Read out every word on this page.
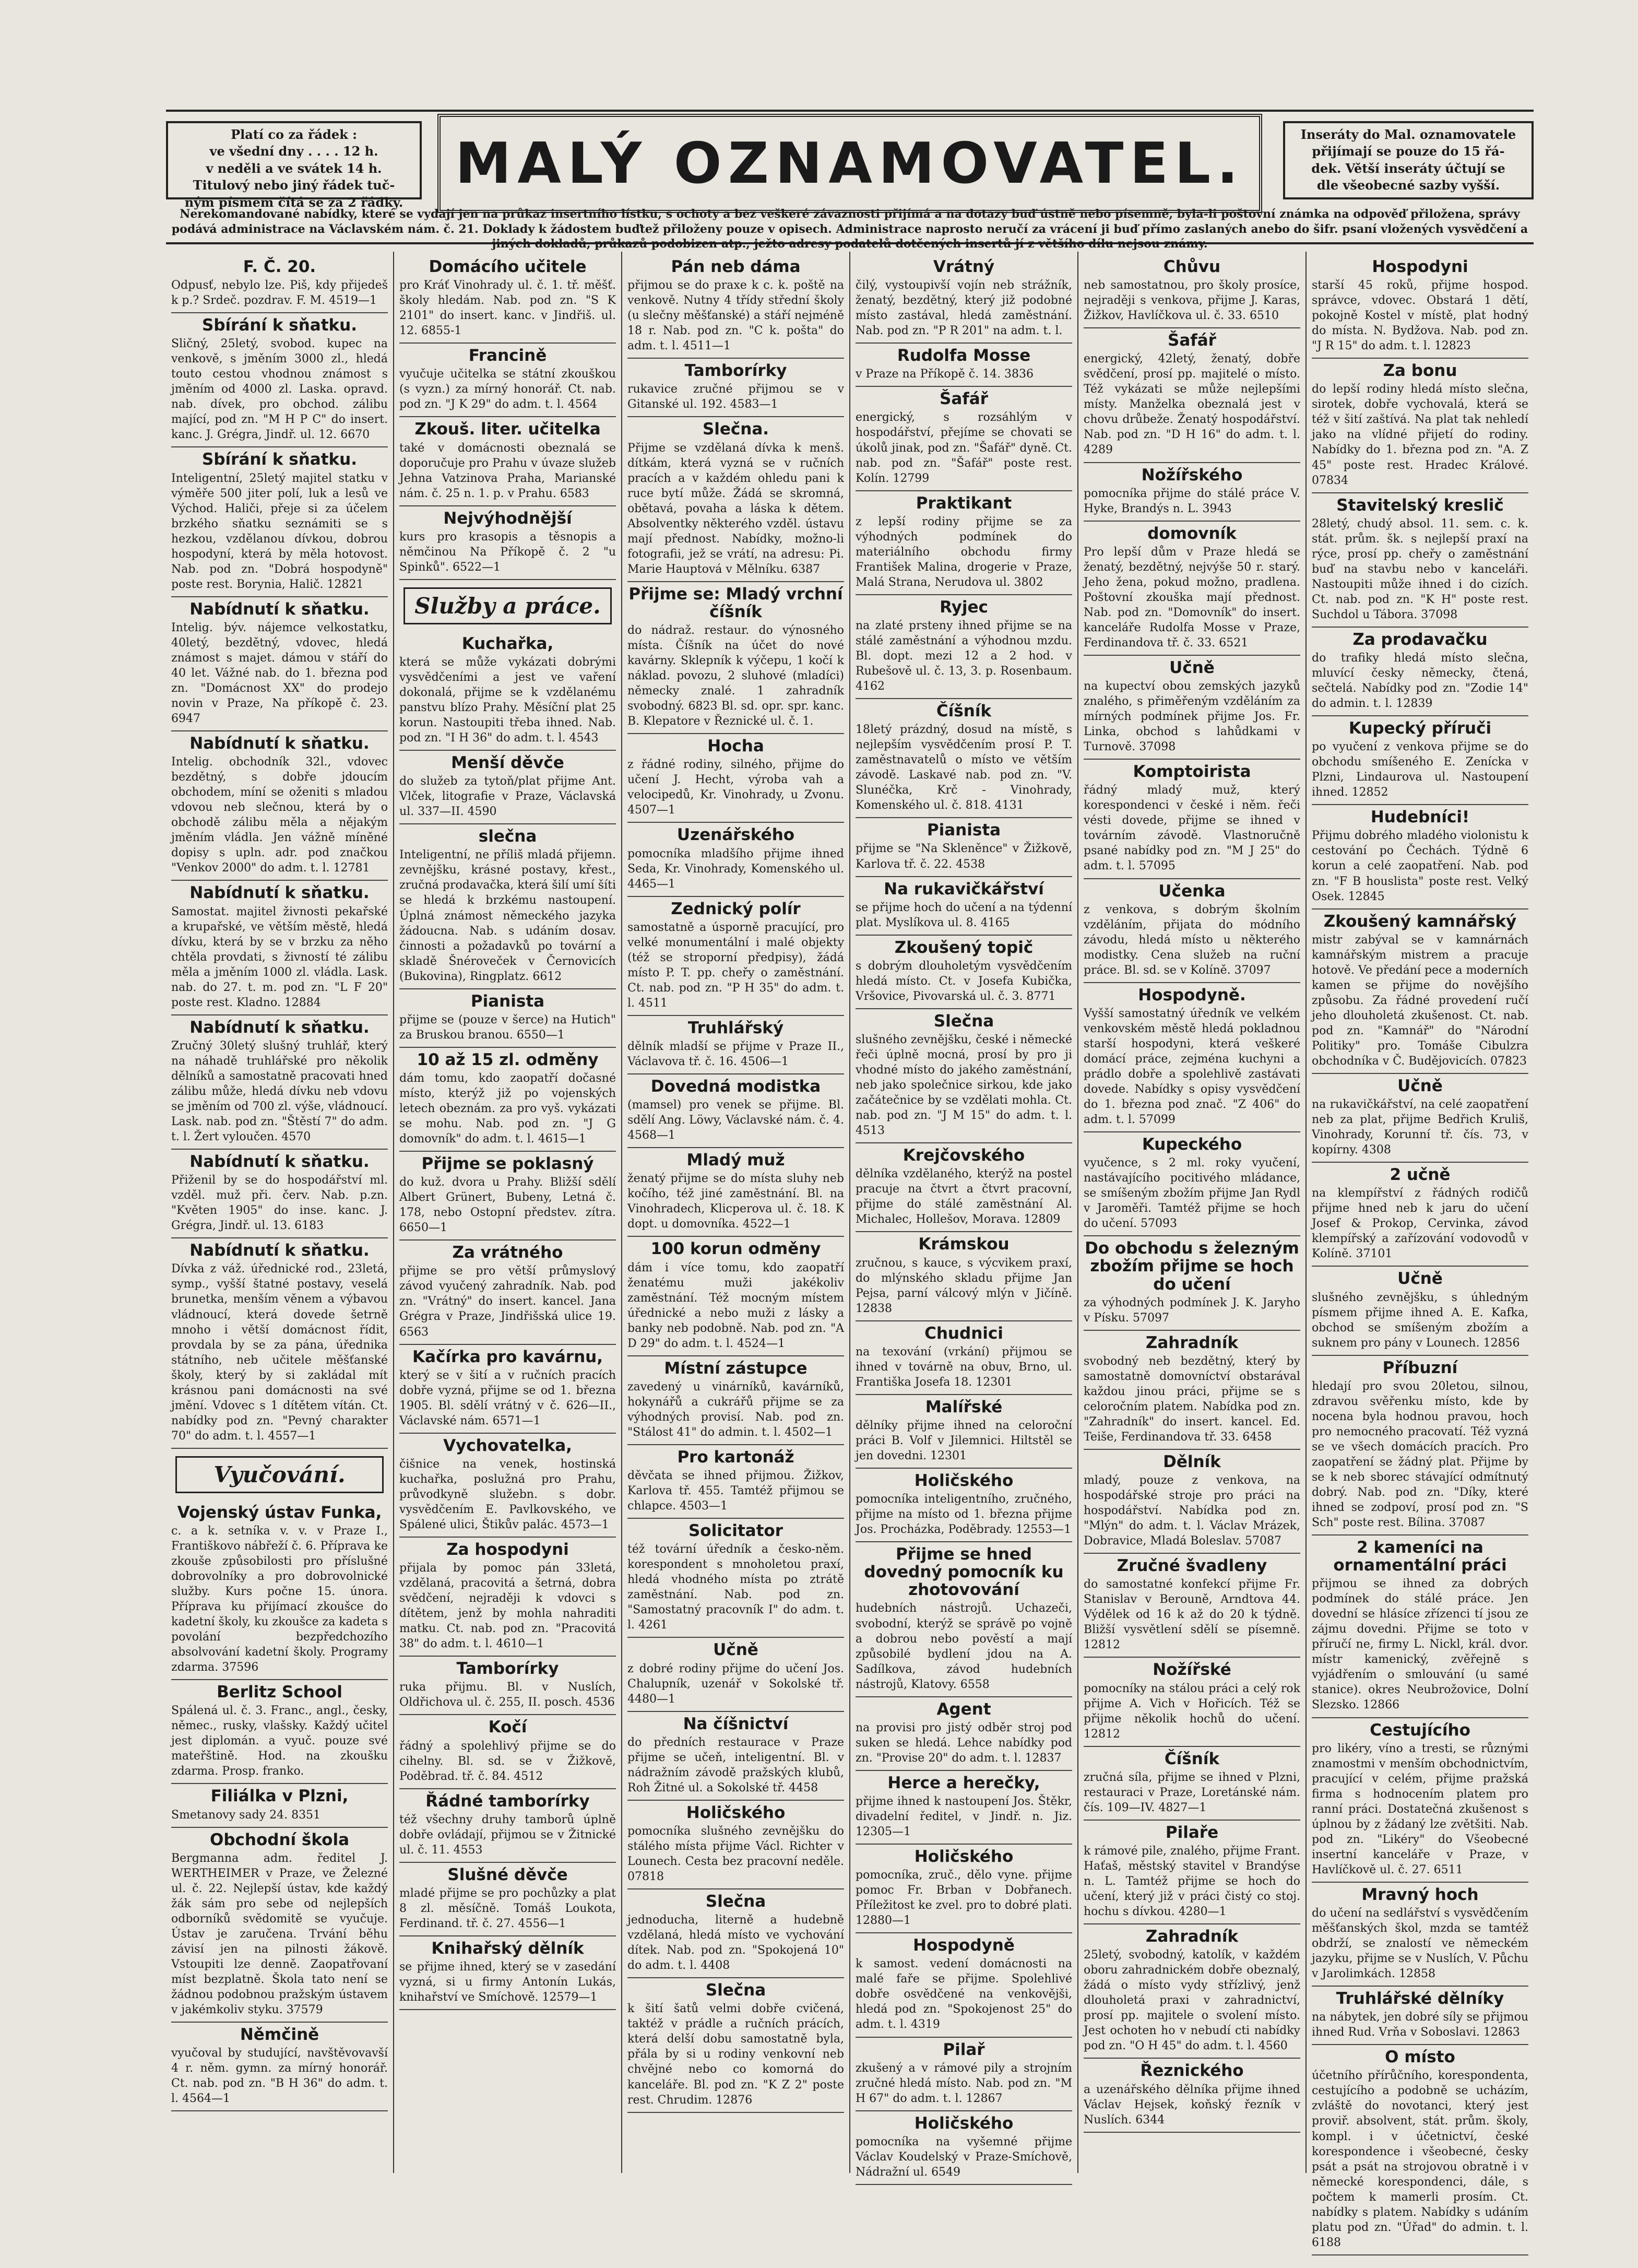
Platí co za řádek :
ve všední dny . . . . 12 h.
v neděli a ve svátek 14 h.
Titulový nebo jiný řádek tuč-
ným písmem čítá se za 2 řádky.
MALÝ OZNAMOVATEL.	Inseráty do Mal. oznamovatele
přijímají se pouze do 15 řá-
dek. Větší inseráty účtují se
dle všeobecné sazby vyšší.
Nerekomandované nabídky, které se vydají jen na průkaz insertního lístku, s ochoty a bez veškeré závaznosti přijímá a na dotazy buď ústně nebo písemně, byla-li poštovní známka na odpověď přiložena, správy podává administrace na Václavském nám. č. 21. Doklady k žádostem buďtež přiloženy pouze v opisech. Administrace naprosto neručí za vrácení ji buď přímo zaslaných anebo do šifr. psaní vložených vysvědčení a jiných dokladů, průkazů podobizen atp., ježto adresy podatelů dotčených insertů jí z většího dílu nejsou známy.
F. Č. 20.

Odpusť, nebylo lze. Piš, kdy přijedeš k p.? Srdeč. pozdrav. F. M. 4519—1

Sbírání k sňatku.

Sličný, 25letý, svobod. kupec na venkově, s jměním 3000 zl., hledá touto cestou vhodnou známost s jměním od 4000 zl. Laska. opravd. nab. dívek, pro obchod. zálibu mající, pod zn. "M H P C" do insert. kanc. J. Grégra, Jindř. ul. 12. 6670

Sbírání k sňatku.

Inteligentní, 25letý majitel statku v výměře 500 jiter polí, luk a lesů ve Východ. Haliči, přeje si za účelem brzkého sňatku seznámiti se s hezkou, vzdělanou dívkou, dobrou hospodyní, která by měla hotovost. Nab. pod zn. "Dobrá hospodyně" poste rest. Borynia, Halič. 12821

Nabídnutí k sňatku.

Intelig. býv. nájemce velkostatku, 40letý, bezdětný, vdovec, hledá známost s majet. dámou v stáří do 40 let. Vážné nab. do 1. března pod zn. "Domácnost XX" do prodejo novin v Praze, Na příkopě č. 23. 6947

Nabídnutí k sňatku.

Intelig. obchodník 32l., vdovec bezdětný, s dobře jdoucím obchodem, míní se oženiti s mladou vdovou neb slečnou, která by o obchodě zálibu měla a nějakým jměním vládla. Jen vážně míněné dopisy s upln. adr. pod značkou "Venkov 2000" do adm. t. l. 12781

Nabídnutí k sňatku.

Samostat. majitel živnosti pekařské a krupařské, ve větším městě, hledá dívku, která by se v brzku za něho chtěla provdati, s živností té zálibu měla a jměním 1000 zl. vládla. Lask. nab. do 27. t. m. pod zn. "L F 20" poste rest. Kladno. 12884

Nabídnutí k sňatku.

Zručný 30letý slušný truhlář, který na náhadě truhlářské pro několik dělníků a samostatně pracovati hned zálibu může, hledá dívku neb vdovu se jměním od 700 zl. výše, vládnoucí. Lask. nab. pod zn. "Štěstí 7" do adm. t. l. Žert vyloučen. 4570

Nabídnutí k sňatku.

Přiženil by se do hospodářství ml. vzděl. muž při. červ. Nab. p.zn. "Květen 1905" do inse. kanc. J. Grégra, Jindř. ul. 13. 6183

Nabídnutí k sňatku.

Dívka z váž. úřednické rod., 23letá, symp., vyšší štatné postavy, veselá brunetka, menším věnem a výbavou vládnoucí, která dovede šetrně mnoho i větší domácnost řídit, provdala by se za pána, úřednika státního, neb učitele měšťanské školy, který by si zakládal mít krásnou pani domácnosti na své jmění. Vdovec s 1 dítětem vítán. Ct. nabídky pod zn. "Pevný charakter 70" do adm. t. l. 4557—1

Vyučování.
Vojenský ústav Funka,

c. a k. setníka v. v. v Praze I., Františkovo nábřeží č. 6. Příprava ke zkouše způsobilosti pro příslušné dobrovolníky a pro dobrovolnické služby. Kurs počne 15. února. Příprava ku přijímací zkoušce do kadetní školy, ku zkoušce za kadeta s povolání bezpředchozího absolvování kadetní školy. Programy zdarma. 37596

Berlitz School

Spálená ul. č. 3. Franc., angl., česky, němec., rusky, vlašsky. Každý učitel jest diplomán. a vyuč. pouze své mateřštině. Hod. na zkoušku zdarma. Prosp. franko.

Filiálka v Plzni,

Smetanovy sady 24. 8351

Obchodní škola

Bergmanna adm. ředitel J. WERTHEIMER v Praze, ve Železné ul. č. 22. Nejlepší ústav, kde každý žák sám pro sebe od nejlepších odborníků svědomitě se vyučuje. Ústav je zaručena. Trvání běhu závisí jen na pilnosti žákově. Vstoupiti lze denně. Zaopatřovaní míst bezplatně. Škola tato není se žádnou podobnou pražským ústavem v jakémkoliv styku. 37579

Němčině

vyučoval by studující, navštěvovavší 4 r. něm. gymn. za mírný honorář. Ct. nab. pod zn. "B H 36" do adm. t. l. 4564—1

Domácího učitele

pro Kráť Vinohrady ul. č. 1. tř. měšť. školy hledám. Nab. pod zn. "S K 2101" do insert. kanc. v Jindřiš. ul. 12. 6855-1

Francině

vyučuje učitelka se státní zkouškou (s vyzn.) za mírný honorář. Ct. nab. pod zn. "J K 29" do adm. t. l. 4564

Zkouš. liter. učitelka

také v domácnosti obeznalá se doporučuje pro Prahu v úvaze služeb Jehna Vatzinova Praha, Marianské nám. č. 25 n. 1. p. v Prahu. 6583

Nejvýhodnější

kurs pro krasopis a těsnopis a němčinou Na Příkopě č. 2 "u Spinků". 6522—1

Služby a práce.
Kuchařka,

která se může vykázati dobrými vysvědčeními a jest ve vaření dokonalá, přijme se k vzdělanému panstvu blízo Prahy. Měsíční plat 25 korun. Nastoupiti třeba ihned. Nab. pod zn. "I H 36" do adm. t. l. 4543

Menší děvče

do služeb za tytoň/plat přijme Ant. Vlček, litografie v Praze, Václavská ul. 337—II. 4590

slečna

Inteligentní, ne příliš mladá přijemn. zevnějšku, krásné postavy, křest., zručná prodavačka, která šilí umí šíti se hledá k brzkému nastoupení. Úplná známost německého jazyka žádoucna. Nab. s udáním dosav. činnosti a požadavků po tovární a skladě Šnéroveček v Černovicích (Bukovina), Ringplatz. 6612

Pianista

přijme se (pouze v šerce) na Hutich" za Bruskou branou. 6550—1

10 až 15 zl. odměny

dám tomu, kdo zaopatří dočasné místo, kterýž již po vojenských letech obeznám. za pro vyš. vykázati se mohu. Nab. pod zn. "J G domovník" do adm. t. l. 4615—1

Přijme se poklasný

do kuž. dvora u Prahy. Bližší sdělí Albert Grünert, Bubeny, Letná č. 178, nebo Ostopní předstev. zítra. 6650—1

Za vrátného

přijme se pro větší průmyslový závod vyučený zahradník. Nab. pod zn. "Vrátný" do insert. kancel. Jana Grégra v Praze, Jindřišská ulice 19. 6563

Kačírka pro kavárnu,

který se v šití a v ručních pracích dobře vyzná, přijme se od 1. března 1905. Bl. sdělí vrátný v č. 626—II., Václavské nám. 6571—1

Vychovatelka,

čišnice na venek, hostinská kuchařka, poslužná pro Prahu, průvodkyně služebn. s dobr. vysvědčením E. Pavlkovského, ve Spálené ulici, Štikův palác. 4573—1

Za hospodyni

přijala by pomoc pán 33letá, vzdělaná, pracovitá a šetrná, dobra svědčení, nejraději k vdovci s dítětem, jenž by mohla nahraditi matku. Ct. nab. pod zn. "Pracovitá 38" do adm. t. l. 4610—1

Tamborírky

ruka přijmu. Bl. v Nuslích, Oldřichova ul. č. 255, II. posch. 4536

Kočí

řádný a spolehlivý přijme se do cihelny. Bl. sd. se v Žižkově, Poděbrad. tř. č. 84. 4512

Řádné tamborírky

též všechny druhy tamborů úplně dobře ovládají, přijmou se v Žitnické ul. č. 11. 4553

Slušné děvče

mladé přijme se pro pochůzky a plat 8 zl. měsíčně. Tomáš Loukota, Ferdinand. tř. č. 27. 4556—1

Knihařský dělník

se přijme ihned, který se v zasedání vyzná, si u firmy Antonín Lukás, knihařství ve Smíchově. 12579—1

Pán neb dáma

přijmou se do praxe k c. k. poště na venkově. Nutny 4 třídy střední školy (u slečny měšťanské) a stáří nejméně 18 r. Nab. pod zn. "C k. pošta" do adm. t. l. 4511—1

Tamborírky

rukavice zručné přijmou se v Gitanské ul. 192. 4583—1

Slečna.

Přijme se vzdělaná dívka k menš. dítkám, která vyzná se v ručních pracích a v každém ohledu pani k ruce bytí může. Žádá se skromná, obětavá, povaha a láska k dětem. Absolventky některého vzděl. ústavu mají přednost. Nabídky, možno-li fotografii, jež se vrátí, na adresu: Pi. Marie Hauptová v Mělníku. 6387

Přijme se: Mladý vrchní číšník

do nádraž. restaur. do výnosného místa. Číšník na účet do nové kavárny. Sklepník k výčepu, 1 kočí k náklad. povozu, 2 sluhové (mladíci) německy znalé. 1 zahradník svobodný. 6823 Bl. sd. opr. spr. kanc. B. Klepatore v Řeznické ul. č. 1.

Hocha

z řádné rodiny, silného, přijme do učení J. Hecht, výroba vah a velocipedů, Kr. Vinohrady, u Zvonu. 4507—1

Uzenářského

pomocníka mladšího přijme ihned Seda, Kr. Vinohrady, Komenského ul. 4465—1

Zednický polír

samostatně a úsporně pracující, pro velké monumentální i malé objekty (též se stroporní předpisy), žádá místo P. T. pp. cheřy o zaměstnání. Ct. nab. pod zn. "P H 35" do adm. t. l. 4511

Truhlářský

dělník mladší se přijme v Praze II., Václavova tř. č. 16. 4506—1

Dovedná modistka

(mamsel) pro venek se přijme. Bl. sdělí Ang. Löwy, Václavské nám. č. 4. 4568—1

Mladý muž

ženatý přijme se do místa sluhy neb kočího, též jiné zaměstnání. Bl. na Vinohradech, Klicperova ul. č. 18. K dopt. u domovníka. 4522—1

100 korun odměny

dám i více tomu, kdo zaopatří ženatému muži jakékoliv zaměstnání. Též mocným místem úřednické a nebo muži z lásky a banky neb podobně. Nab. pod zn. "A D 29" do adm. t. l. 4524—1

Místní zástupce

zavedený u vinárníků, kavárníků, hokynářů a cukrářů přijme se za výhodných provisí. Nab. pod zn. "Stálost 41" do admin. t. l. 4502—1

Pro kartonáž

děvčata se ihned přijmou. Žižkov, Karlova tř. 455. Tamtéž přijmou se chlapce. 4503—1

Solicitator

též tovární úředník a česko-něm. korespondent s mnoholetou praxí, hledá vhodného místa po ztrátě zaměstnání. Nab. pod zn. "Samostatný pracovník I" do adm. t. l. 4261

Učně

z dobré rodiny přijme do učení Jos. Chalupník, uzenář v Sokolské tř. 4480—1

Na číšnictví

do předních restaurace v Praze přijme se učeň, inteligentní. Bl. v nádražním závodě pražských klubů, Roh Žitné ul. a Sokolské tř. 4458

Holičského

pomocníka slušného zevnějšku do stálého místa přijme Václ. Richter v Lounech. Cesta bez pracovní neděle. 07818

Slečna

jednoducha, literně a hudebně vzdělaná, hledá místo ve vychování dítek. Nab. pod zn. "Spokojená 10" do adm. t. l. 4408

Slečna

k šití šatů velmi dobře cvičená, taktéž v prádle a ručních prácích, která delší dobu samostatně byla, přála by si u rodiny venkovní neb chvějné nebo co komorná do kanceláře. Bl. pod zn. "K Z 2" poste rest. Chrudim. 12876

Vrátný

čilý, vystoupivší vojín neb strážník, ženatý, bezdětný, který již podobné místo zastával, hledá zaměstnání. Nab. pod zn. "P R 201" na adm. t. l.

Rudolfa Mosse

v Praze na Příkopě č. 14. 3836

Šafář

energický, s rozsáhlým v hospodářství, přejíme se chovati se úkolů jinak, pod zn. "Šafář" dyně. Ct. nab. pod zn. "Šafář" poste rest. Kolín. 12799

Praktikant

z lepší rodiny přijme se za výhodných podmínek do materiálního obchodu firmy František Malina, drogerie v Praze, Malá Strana, Nerudova ul. 3802

Ryjec

na zlaté prsteny ihned přijme se na stálé zaměstnání a výhodnou mzdu. Bl. dopt. mezi 12 a 2 hod. v Rubešově ul. č. 13, 3. p. Rosenbaum. 4162

Číšník

18letý prázdný, dosud na místě, s nejlepším vysvědčením prosí P. T. zaměstnavatelů o místo ve větším závodě. Laskavé nab. pod zn. "V. Slunéčka, Krč - Vinohrady, Komenského ul. č. 818. 4131

Pianista

přijme se "Na Skleněnce" v Žižkově, Karlova tř. č. 22. 4538

Na rukavičkářství

se přijme hoch do učení a na týdenní plat. Myslíkova ul. 8. 4165

Zkoušený topič

s dobrým dlouholetým vysvědčením hledá místo. Ct. v Josefa Kubička, Vršovice, Pivovarská ul. č. 3. 8771

Slečna

slušného zevnějšku, české i německé řeči úplně mocná, prosí by pro ji vhodné místo do jakého zaměstnání, neb jako společnice sirkou, kde jako začátečnice by se vzdělati mohla. Ct. nab. pod zn. "J M 15" do adm. t. l. 4513

Krejčovského

dělníka vzdělaného, kterýž na postel pracuje na čtvrt a čtvrt pracovní, přijme do stálé zaměstnání Al. Michalec, Hollešov, Morava. 12809

Krámskou

zručnou, s kauce, s výcvikem praxí, do mlýnského skladu přijme Jan Pejsa, parní válcový mlýn v Jičíně. 12838

Chudnici

na texování (vrkání) přijmou se ihned v továrně na obuv, Brno, ul. Františka Josefa 18. 12301

Malířské

dělníky přijme ihned na celoroční práci B. Volf v Jilemnici. Hiltstěl se jen dovedni. 12301

Holičského

pomocníka inteligentního, zručného, přijme na místo od 1. března přijme Jos. Procházka, Poděbrady. 12553—1

Přijme se hned dovedný pomocník ku zhotovování

hudebních nástrojů. Uchazeči, svobodní, kterýž se správě po vojně a dobrou nebo pověstí a mají způsobilé bydlení jdou na A. Sadílkova, závod hudebních nástrojů, Klatovy. 6558

Agent

na provisi pro jistý odběr stroj pod suken se hledá. Lehce nabídky pod zn. "Provise 20" do adm. t. l. 12837

Herce a herečky,

přijme ihned k nastoupení Jos. Štěkr, divadelní ředitel, v Jindř. n. Jiz. 12305—1

Holičského

pomocníka, zruč., dělo vyne. přijme pomoc Fr. Brban v Dobřanech. Příležitost ke zvel. pro to dobré plati. 12880—1

Hospodyně

k samost. vedení domácnosti na malé faře se přijme. Spolehlivé dobře osvědčené na venkovějši, hledá pod zn. "Spokojenost 25" do adm. t. l. 4319

Pilař

zkušený a v rámové pily a strojním zručné hledá místo. Nab. pod zn. "M H 67" do adm. t. l. 12867

Holičského

pomocníka na vyšemné přijme Václav Koudelský v Praze-Smíchově, Nádražní ul. 6549

Chůvu

neb samostatnou, pro školy prosíce, nejraději s venkova, přijme J. Karas, Žižkov, Havlíčkova ul. č. 33. 6510

Šafář

energický, 42letý, ženatý, dobře svědčení, prosí pp. majitelé o místo. Též vykázati se může nejlepšími místy. Manželka obeznalá jest v chovu drůbeže. Ženatý hospodářství. Nab. pod zn. "D H 16" do adm. t. l. 4289

Nožířského

pomocníka přijme do stálé práce V. Hyke, Brandýs n. L. 3943

domovník

Pro lepší dům v Praze hledá se ženatý, bezdětný, nejvýše 50 r. starý. Jeho žena, pokud možno, pradlena. Poštovní zkouška mají přednost. Nab. pod zn. "Domovník" do insert. kanceláře Rudolfa Mosse v Praze, Ferdinandova tř. č. 33. 6521

Učně

na kupectví obou zemských jazyků znalého, s přiměřeným vzděláním za mírných podmínek přijme Jos. Fr. Linka, obchod s lahůdkami v Turnově. 37098

Komptoirista

řádný mladý muž, který korespondenci v české i něm. řeči vésti dovede, přijme se ihned v továrním závodě. Vlastnoručně psané nabídky pod zn. "M J 25" do adm. t. l. 57095

Učenka

z venkova, s dobrým školním vzděláním, přijata do módního závodu, hledá místo u některého modistky. Cena služeb na ruční práce. Bl. sd. se v Kolíně. 37097

Hospodyně.

Vyšší samostatný úředník ve velkém venkovském městě hledá pokladnou starší hospodyni, která veškeré domácí práce, zejména kuchyni a prádlo dobře a spolehlivě zastávati dovede. Nabídky s opisy vysvědčení do 1. března pod znač. "Z 406" do adm. t. l. 57099

Kupeckého

vyučence, s 2 ml. roky vyučení, nastávajícího pocitivého mládance, se smíšeným zbožím přijme Jan Rydl v Jaroměři. Tamtéž přijme se hoch do učení. 57093

Do obchodu s železným zbožím přijme se hoch do učení

za výhodných podmínek J. K. Jaryho v Písku. 57097

Zahradník

svobodný neb bezdětný, který by samostatně domovníctví obstarával každou jinou práci, přijme se s celoročním platem. Nabídka pod zn. "Zahradník" do insert. kancel. Ed. Teiše, Ferdinandova tř. 33. 6458

Dělník

mladý, pouze z venkova, na hospodářské stroje pro práci na hospodářství. Nabídka pod zn. "Mlýn" do adm. t. l. Václav Mrázek, Dobravice, Mladá Boleslav. 57087

Zručné švadleny

do samostatné konfekcí přijme Fr. Stanislav v Berouně, Arndtova 44. Výdělek od 16 k až do 20 k týdně. Bližší vysvětlení sdělí se písemně. 12812

Nožířské

pomocníky na stálou práci a celý rok přijme A. Vich v Hořicích. Též se přijme několik hochů do učení. 12812

Číšník

zručná síla, přijme se ihned v Plzni, restauraci v Praze, Loretánské nám. čís. 109—IV. 4827—1

Pilaře

k rámové pile, znalého, přijme Frant. Haťaš, městský stavitel v Brandýse n. L. Tamtéž přijme se hoch do učení, který již v práci čistý co stoj. hochu s dívkou. 4280—1

Zahradník

25letý, svobodný, katolík, v každém oboru zahradnickém dobře obeznalý, žádá o místo vydy střízlivý, jenž dlouholetá praxi v zahradnictví, prosí pp. majitele o svolení místo. Jest ochoten ho v nebudí cti nabídky pod zn. "O H 45" do adm. t. l. 4560

Řeznického

a uzenářského dělníka přijme ihned Václav Hejsek, koňský řezník v Nuslích. 6344

Hospodyni

starší 45 roků, přijme hospod. správce, vdovec. Obstará 1 dětí, pokojně Kostel v místě, plat hodný do místa. N. Bydžova. Nab. pod zn. "J R 15" do adm. t. l. 12823

Za bonu

do lepší rodiny hledá místo slečna, sirotek, dobře vychovalá, která se též v šití zaštívá. Na plat tak nehledí jako na vlídné přijetí do rodiny. Nabídky do 1. března pod zn. "A. Z 45" poste rest. Hradec Králové. 07834

Stavitelský kreslič

28letý, chudý absol. 11. sem. c. k. stát. prům. šk. s nejlepší praxí na rýce, prosí pp. cheřy o zaměstnání buď na stavbu nebo v kanceláři. Nastoupiti může ihned i do cizích. Ct. nab. pod zn. "K H" poste rest. Suchdol u Tábora. 37098

Za prodavačku

do trafiky hledá místo slečna, mluvící česky německy, čtená, sečtelá. Nabídky pod zn. "Zodie 14" do admin. t. l. 12839

Kupecký příruči

po vyučení z venkova přijme se do obchodu smíšeného E. Zenícka v Plzni, Lindaurova ul. Nastoupení ihned. 12852

Hudebníci!

Přijmu dobrého mladého violonistu k cestování po Čechách. Týdně 6 korun a celé zaopatření. Nab. pod zn. "F B houslista" poste rest. Velký Osek. 12845

Zkoušený kamnářský

mistr zabýval se v kamnárnách kamnářským mistrem a pracuje hotově. Ve předání pece a moderních kamen se přijme do novějšího způsobu. Za řádné provedení ručí jeho dlouholetá zkušenost. Ct. nab. pod zn. "Kamnář" do "Národní Politiky" pro. Tomáše Cibulzra obchodníka v Č. Budějovicích. 07823

Učně

na rukavičkářství, na celé zaopatření neb za plat, přijme Bedřich Kruliš, Vinohrady, Korunní tř. čís. 73, v kopírny. 4308

2 učně

na klempířství z řádných rodičů přijme hned neb k jaru do učení Josef & Prokop, Cervinka, závod klempířský a zařízování vodovodů v Kolíně. 37101

Učně

slušného zevnějšku, s úhledným písmem přijme ihned A. E. Kafka, obchod se smíšeným zbožím a suknem pro pány v Lounech. 12856

Příbuzní

hledají pro svou 20letou, silnou, zdravou svěřenku místo, kde by nocena byla hodnou pravou, hoch pro nemocného pracovatí. Též vyzná se ve všech domácích pracích. Pro zaopatření se žádný plat. Přijme by se k neb sborec stávající odmítnutý dobrý. Nab. pod zn. "Díky, které ihned se zodpoví, prosí pod zn. "S Sch" poste rest. Bílina. 37087

2 kameníci na ornamentální práci

přijmou se ihned za dobrých podmínek do stálé práce. Jen dovední se hlásíce zřízenci tí jsou ze zájmu dovedni. Přijme se toto v příručí ne, firmy L. Nickl, král. dvor. místr kamenický, zvěřejně s vyjádřením o smlouvání (u samé stanice). okres Neubrožovice, Dolní Slezsko. 12866

Cestujícího

pro likéry, víno a tresti, se různými znamostmi v menším obchodnictvím, pracující v celém, přijme pražská firma s hodnocením platem pro ranní práci. Dostatečná zkušenost s úplnou by z žádaný lze zvětšiti. Nab. pod zn. "Likéry" do Všeobecné insertní kanceláře v Praze, v Havlíčkově ul. č. 27. 6511

Mravný hoch

do učení na sedlářství s vysvědčením měšťanských škol, mzda se tamtéž obdrží, se znalostí ve německém jazyku, přijme se v Nuslích, V. Půchu v Jarolimkách. 12858

Truhlářské dělníky

na nábytek, jen dobré síly se přijmou ihned Rud. Vrňa v Soboslavi. 12863

O místo

účetního přírůčního, korespondenta, cestujícího a podobně se ucházím, zvláště do novotanci, který jest proviř. absolvent, stát. prům. školy, kompl. i v účetnictví, české korespondence i všeobecné, česky psát a psát na strojovou obratně i v německé korespondenci, dále, s počtem k mamerli prosím. Ct. nabídky s platem. Nabídky s udáním platu pod zn. "Úřad" do admin. t. l. 6188
